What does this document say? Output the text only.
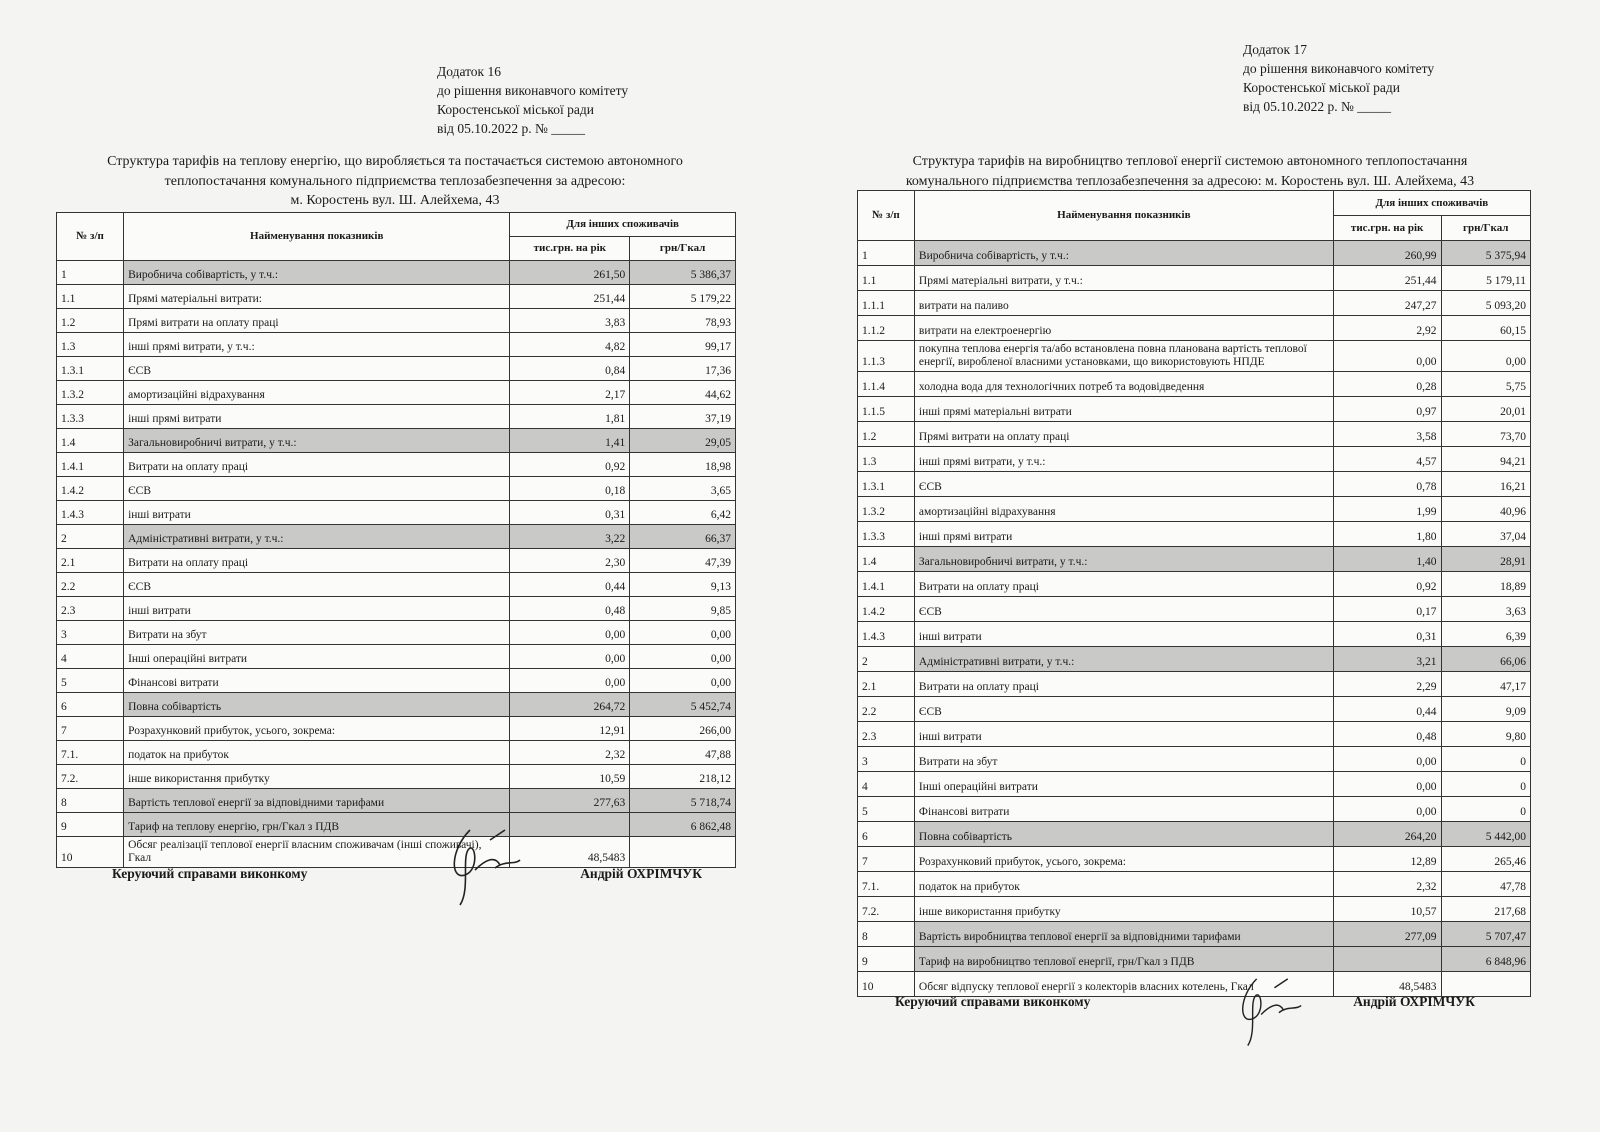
Додаток 16
до рішення виконавчого комітету
Коростенської міської ради
від 05.10.2022 р. № _____
Структура тарифів на теплову енергію, що виробляється та постачається системою автономного
теплопостачання комунального підприємства теплозабезпечення за адресою:
м. Коростень вул. Ш. Алейхема, 43
№ з/п	Найменування показників	Для інших споживачів	
		тис.грн. на рік	грн/Гкал
1	Виробнича собівартість, у т.ч.:	261,50	5 386,37
1.1	Прямі матеріальні витрати:	251,44	5 179,22
1.2	Прямі витрати на оплату праці	3,83	78,93
1.3	інші прямі витрати, у т.ч.:	4,82	99,17
1.3.1	ЄСВ	0,84	17,36
1.3.2	амортизаційні відрахування	2,17	44,62
1.3.3	інші прямі витрати	1,81	37,19
1.4	Загальновиробничі витрати, у т.ч.:	1,41	29,05
1.4.1	Витрати на оплату праці	0,92	18,98
1.4.2	ЄСВ	0,18	3,65
1.4.3	інші витрати	0,31	6,42
2	Адміністративні витрати, у т.ч.:	3,22	66,37
2.1	Витрати на оплату праці	2,30	47,39
2.2	ЄСВ	0,44	9,13
2.3	інші витрати	0,48	9,85
3	Витрати на збут	0,00	0,00
4	Інші операційні витрати	0,00	0,00
5	Фінансові витрати	0,00	0,00
6	Повна собівартість	264,72	5 452,74
7	Розрахунковий прибуток, усього, зокрема:	12,91	266,00
7.1.	податок на прибуток	2,32	47,88
7.2.	інше використання прибутку	10,59	218,12
8	Вартість теплової енергії за відповідними тарифами	277,63	5 718,74
9	Тариф на теплову енергію, грн/Гкал з ПДВ		6 862,48
10	Обсяг реалізації теплової енергії власним споживачам (інші споживачі), Гкал	48,5483	
Керуючий справами виконкому	Андрій ОХРІМЧУК
Додаток 17
до рішення виконавчого комітету
Коростенської міської ради
від 05.10.2022 р. № _____
Структура тарифів на виробництво теплової енергії системою автономного теплопостачання
комунального підприємства теплозабезпечення за адресою: м. Коростень вул. Ш. Алейхема, 43
№ з/п	Найменування показників	Для інших споживачів	
		тис.грн. на рік	грн/Гкал
1	Виробнича собівартість, у т.ч.:	260,99	5 375,94
1.1	Прямі матеріальні витрати, у т.ч.:	251,44	5 179,11
1.1.1	витрати на паливо	247,27	5 093,20
1.1.2	витрати на електроенергію	2,92	60,15
1.1.3	покупна теплова енергія та/або встановлена повна планована вартість теплової енергії, виробленої власними установками, що використовують НПДЕ	0,00	0,00
1.1.4	холодна вода для технологічних потреб та водовідведення	0,28	5,75
1.1.5	інші прямі матеріальні витрати	0,97	20,01
1.2	Прямі витрати на оплату праці	3,58	73,70
1.3	інші прямі витрати, у т.ч.:	4,57	94,21
1.3.1	ЄСВ	0,78	16,21
1.3.2	амортизаційні відрахування	1,99	40,96
1.3.3	інші прямі витрати	1,80	37,04
1.4	Загальновиробничі витрати, у т.ч.:	1,40	28,91
1.4.1	Витрати на оплату праці	0,92	18,89
1.4.2	ЄСВ	0,17	3,63
1.4.3	інші витрати	0,31	6,39
2	Адміністративні витрати, у т.ч.:	3,21	66,06
2.1	Витрати на оплату праці	2,29	47,17
2.2	ЄСВ	0,44	9,09
2.3	інші витрати	0,48	9,80
3	Витрати на збут	0,00	0
4	Інші операційні витрати	0,00	0
5	Фінансові витрати	0,00	0
6	Повна собівартість	264,20	5 442,00
7	Розрахунковий прибуток, усього, зокрема:	12,89	265,46
7.1.	податок на прибуток	2,32	47,78
7.2.	інше використання прибутку	10,57	217,68
8	Вартість виробництва теплової енергії за відповідними тарифами	277,09	5 707,47
9	Тариф на виробництво теплової енергії, грн/Гкал з ПДВ		6 848,96
10	Обсяг відпуску теплової енергії з колекторів власних котелень, Гкал	48,5483	
Керуючий справами виконкому	Андрій ОХРІМЧУК
